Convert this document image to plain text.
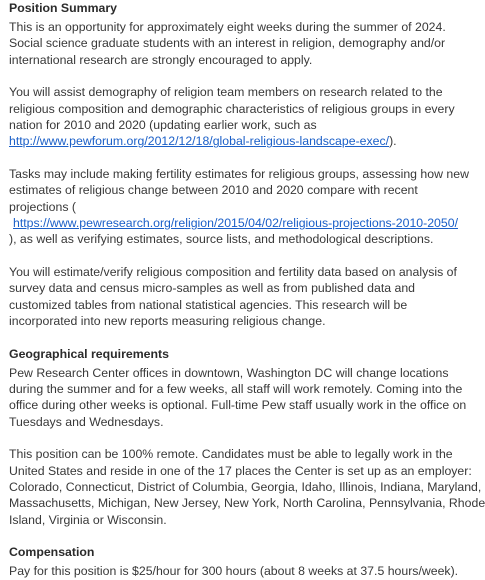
Position Summary

This is an opportunity for approximately eight weeks during the summer of 2024.
Social science graduate students with an interest in religion, demography and/or
international research are strongly encouraged to apply.

You will assist demography of religion team members on research related to the
religious composition and demographic characteristics of religious groups in every
nation for 2010 and 2020 (updating earlier work, such as
http://www.pewforum.org/2012/12/18/global-religious-landscape-exec/).

Tasks may include making fertility estimates for religious groups, assessing how new
estimates of religious change between 2010 and 2020 compare with recent
projections (
https://www.pewresearch.org/religion/2015/04/02/religious-projections-2010-2050/
), as well as verifying estimates, source lists, and methodological descriptions.

You will estimate/verify religious composition and fertility data based on analysis of
survey data and census micro-samples as well as from published data and
customized tables from national statistical agencies. This research will be
incorporated into new reports measuring religious change.

Geographical requirements

Pew Research Center offices in downtown, Washington DC will change locations
during the summer and for a few weeks, all staff will work remotely. Coming into the
office during other weeks is optional. Full-time Pew staff usually work in the office on
Tuesdays and Wednesdays.

This position can be 100% remote. Candidates must be able to legally work in the
United States and reside in one of the 17 places the Center is set up as an employer:
Colorado, Connecticut, District of Columbia, Georgia, Idaho, Illinois, Indiana, Maryland,
Massachusetts, Michigan, New Jersey, New York, North Carolina, Pennsylvania, Rhode
Island, Virginia or Wisconsin.

Compensation

Pay for this position is $25/hour for 300 hours (about 8 weeks at 37.5 hours/week).
